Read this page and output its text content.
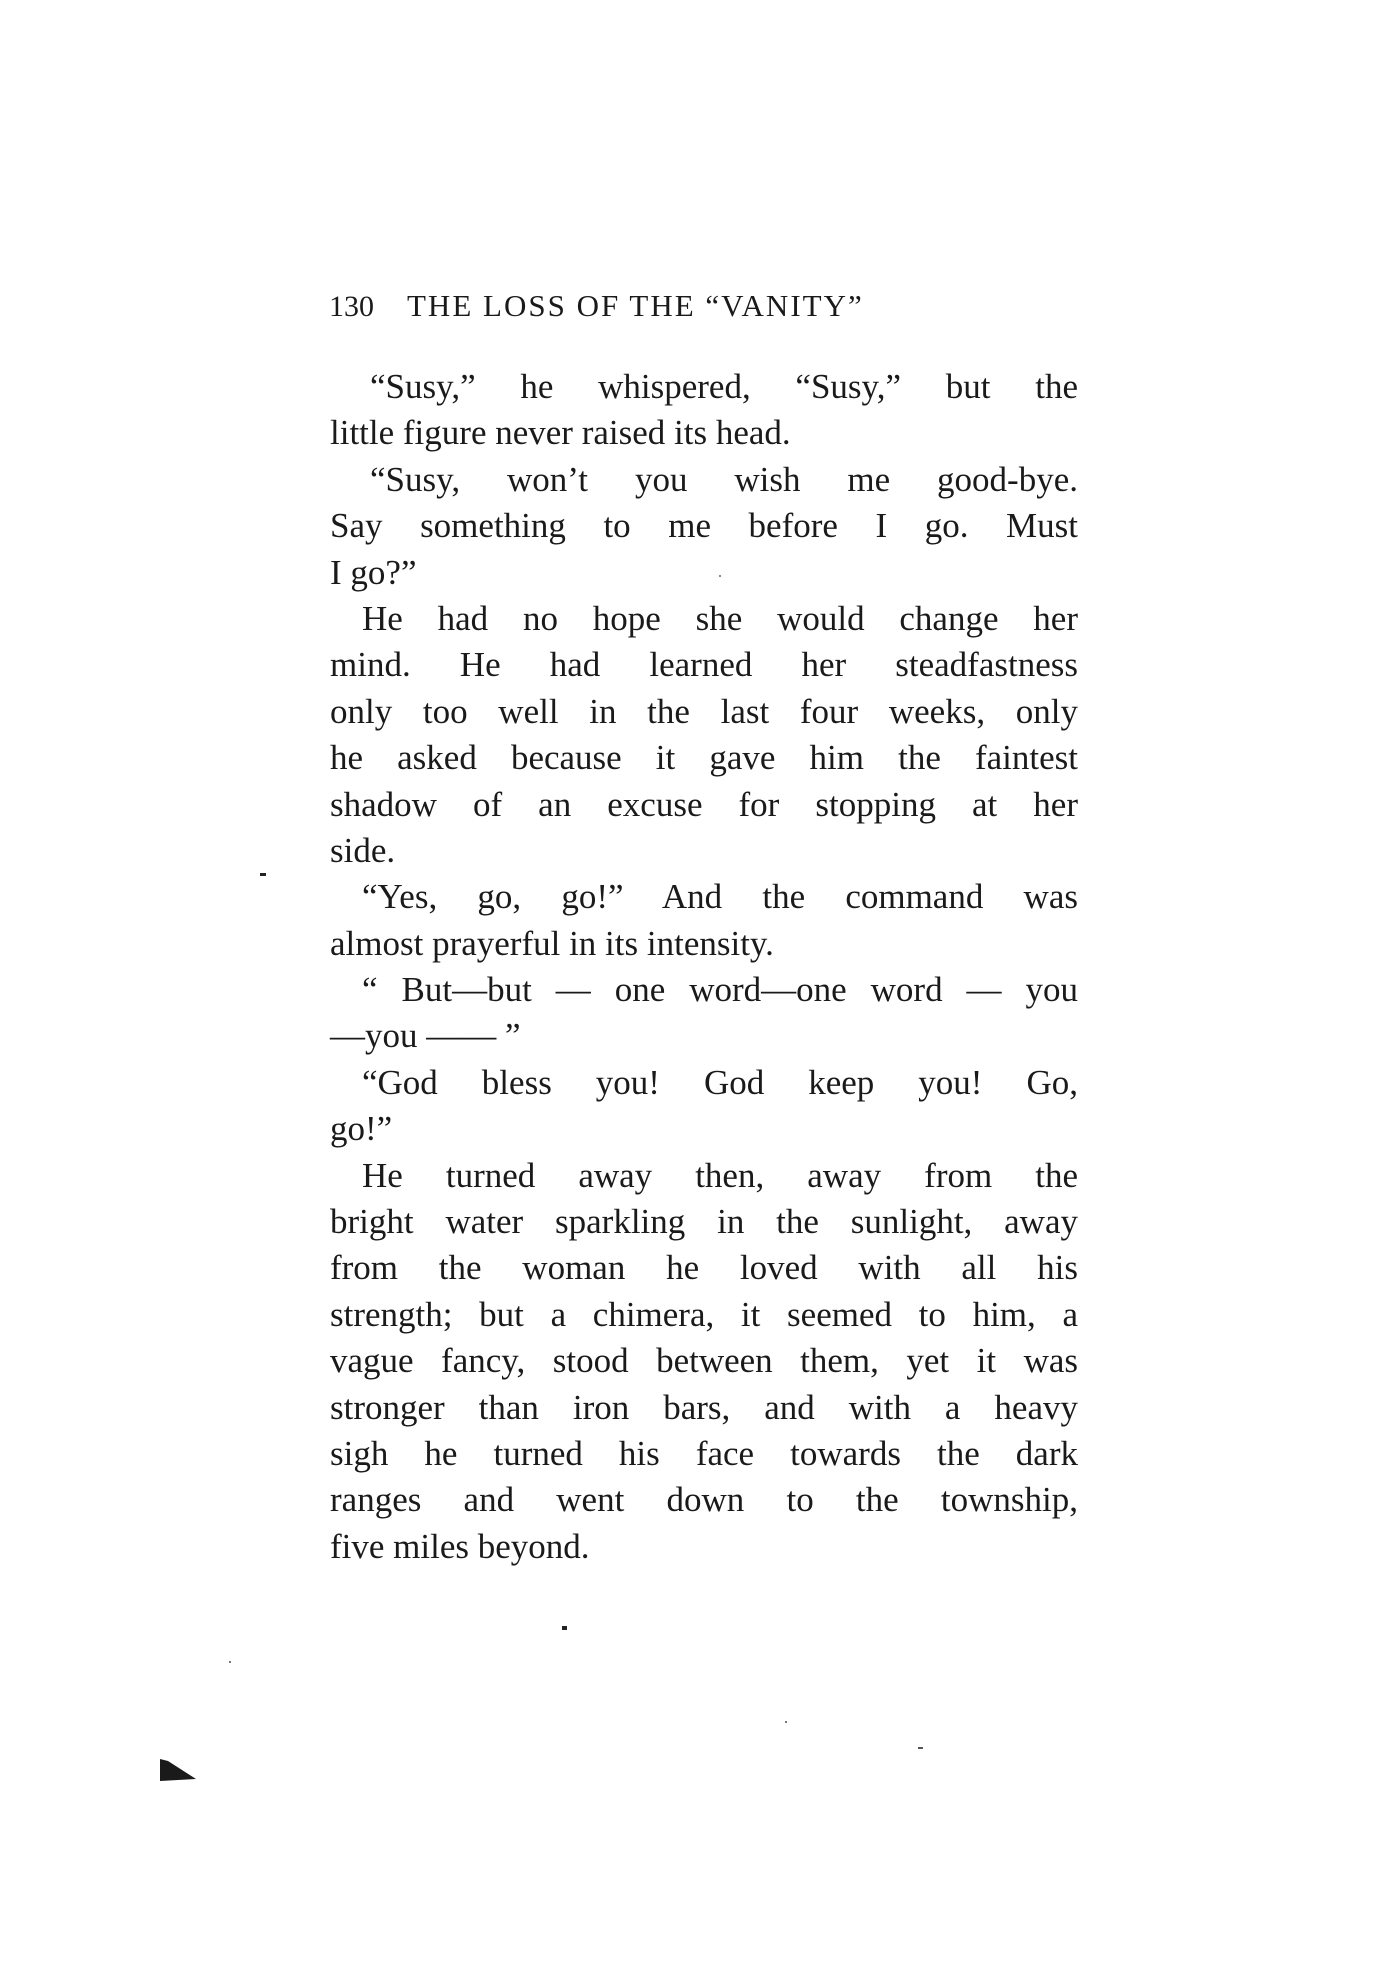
130 THE LOSS OF THE “VANITY”
“Susy,” he whispered, “Susy,” but the
little figure never raised its head.
“Susy, won’t you wish me good-bye.
Say something to me before I go. Must
I go?”
He had no hope she would change her
mind. He had learned her steadfastness
only too well in the last four weeks, only
he asked because it gave him the faintest
shadow of an excuse for stopping at her
side.
“Yes, go, go!” And the command was
almost prayerful in its intensity.
“ But—but — one word—one word — you
—you —— ”
“God bless you! God keep you! Go,
go!”
He turned away then, away from the
bright water sparkling in the sunlight, away
from the woman he loved with all his
strength; but a chimera, it seemed to him, a
vague fancy, stood between them, yet it was
stronger than iron bars, and with a heavy
sigh he turned his face towards the dark
ranges and went down to the township,
five miles beyond.
